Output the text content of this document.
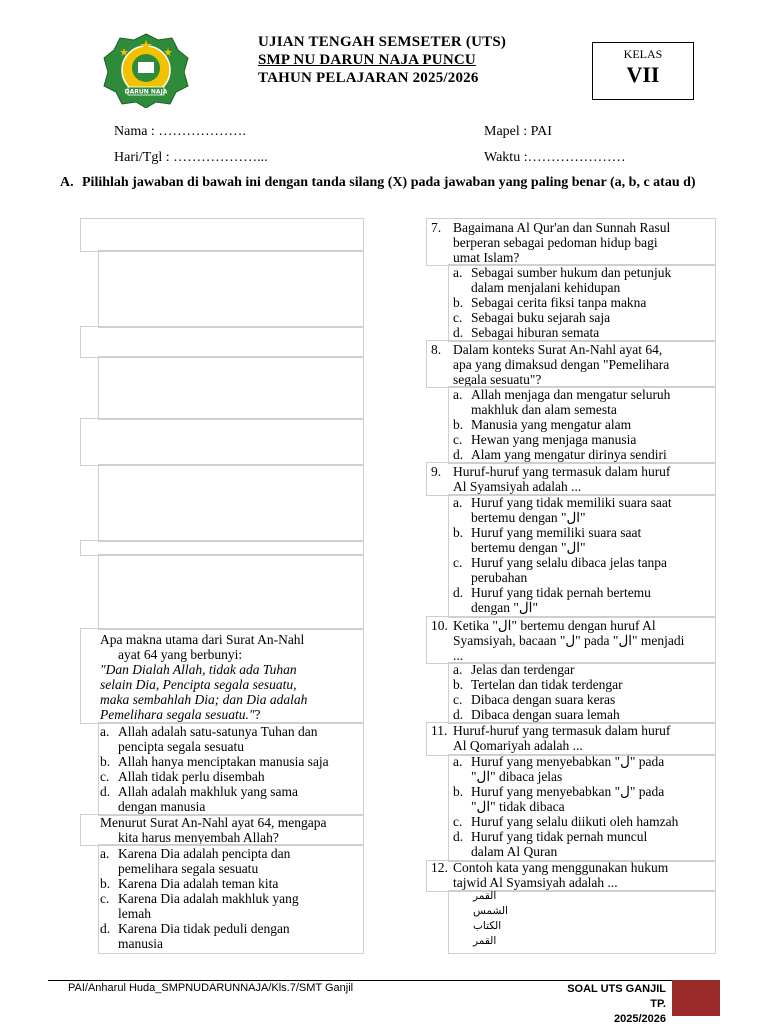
DARUN NAJA
UJIAN TENGAH SEMSETER (UTS)
SMP NU DARUN NAJA PUNCU
TAHUN PELAJARAN 2025/2026
KELAS
VII
Nama : ……………….
Hari/Tgl : ………………...
Mapel : PAI
Waktu :…………………
A. Pilihlah jawaban di bawah ini dengan tanda silang (X) pada jawaban yang paling benar (a, b, c atau d)
Apa makna utama dari Surat An-Nahl
ayat 64 yang berbunyi:
"Dan Dialah Allah, tidak ada Tuhan
selain Dia, Pencipta segala sesuatu,
maka sembahlah Dia; dan Dia adalah
Pemelihara segala sesuatu."?
a. Allah adalah satu-satunya Tuhan dan
pencipta segala sesuatu
b. Allah hanya menciptakan manusia saja
c. Allah tidak perlu disembah
d. Allah adalah makhluk yang sama
dengan manusia
Menurut Surat An-Nahl ayat 64, mengapa
kita harus menyembah Allah?
a. Karena Dia adalah pencipta dan
pemelihara segala sesuatu
b. Karena Dia adalah teman kita
c. Karena Dia adalah makhluk yang
lemah
d. Karena Dia tidak peduli dengan
manusia
7. Bagaimana Al Qur'an dan Sunnah Rasul
berperan sebagai pedoman hidup bagi
umat Islam?
a. Sebagai sumber hukum dan petunjuk
dalam menjalani kehidupan
b. Sebagai cerita fiksi tanpa makna
c. Sebagai buku sejarah saja
d. Sebagai hiburan semata
8. Dalam konteks Surat An-Nahl ayat 64,
apa yang dimaksud dengan "Pemelihara
segala sesuatu"?
a. Allah menjaga dan mengatur seluruh
makhluk dan alam semesta
b. Manusia yang mengatur alam
c. Hewan yang menjaga manusia
d. Alam yang mengatur dirinya sendiri
9. Huruf-huruf yang termasuk dalam huruf
Al Syamsiyah adalah ...
a. Huruf yang tidak memiliki suara saat
bertemu dengan "ال"
b. Huruf yang memiliki suara saat
bertemu dengan "ال"
c. Huruf yang selalu dibaca jelas tanpa
perubahan
d. Huruf yang tidak pernah bertemu
dengan "ال"
10. Ketika "ال" bertemu dengan huruf Al
Syamsiyah, bacaan "ل" pada "ال" menjadi
...
a. Jelas dan terdengar
b. Tertelan dan tidak terdengar
c. Dibaca dengan suara keras
d. Dibaca dengan suara lemah
11. Huruf-huruf yang termasuk dalam huruf
Al Qomariyah adalah ...
a. Huruf yang menyebabkan "ل" pada
"ال" dibaca jelas
b. Huruf yang menyebabkan "ل" pada
"ال" tidak dibaca
c. Huruf yang selalu diikuti oleh hamzah
d. Huruf yang tidak pernah muncul
dalam Al Quran
12. Contoh kata yang menggunakan hukum
tajwid Al Syamsiyah adalah ...
القمر
الشمس
الكتاب
القمر
PAI/Anharul Huda_SMPNUDARUNNAJA/Kls.7/SMT Ganjil	SOAL UTS GANJIL TP.
2025/2026
